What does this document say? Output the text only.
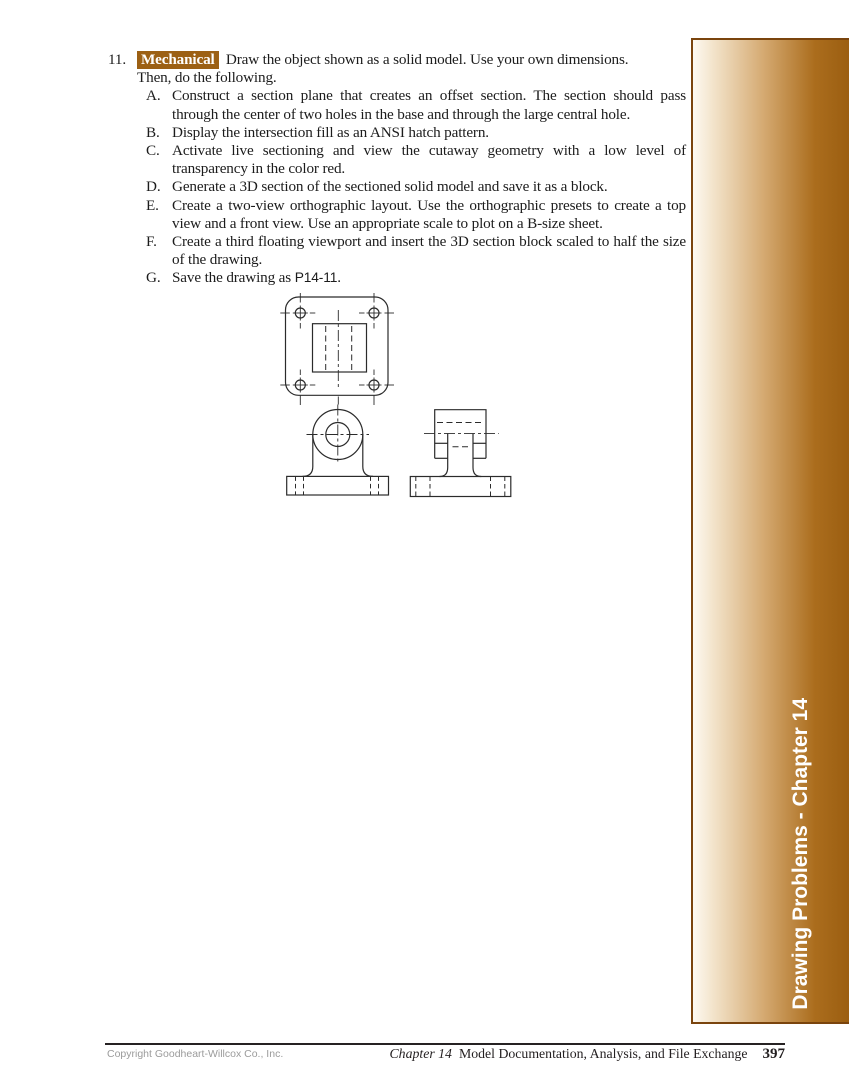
11. Mechanical Draw the object shown as a solid model. Use your own dimensions.
Then, do the following.
A. Construct a section plane that creates an offset section. The section should pass through the center of two holes in the base and through the large central hole.
B. Display the intersection fill as an ANSI hatch pattern.
C. Activate live sectioning and view the cutaway geometry with a low level of transparency in the color red.
D. Generate a 3D section of the sectioned solid model and save it as a block.
E. Create a two-view orthographic layout. Use the orthographic presets to create a top view and a front view. Use an appropriate scale to plot on a B-size sheet.
F.	Create a third floating viewport and insert the 3D section block scaled to half the size of the drawing.
G. Save the drawing as P14-11.
Drawing Problems - Chapter 14
Copyright Goodheart-Willcox Co., Inc.	Chapter 14 Model Documentation, Analysis, and File Exchange 397
